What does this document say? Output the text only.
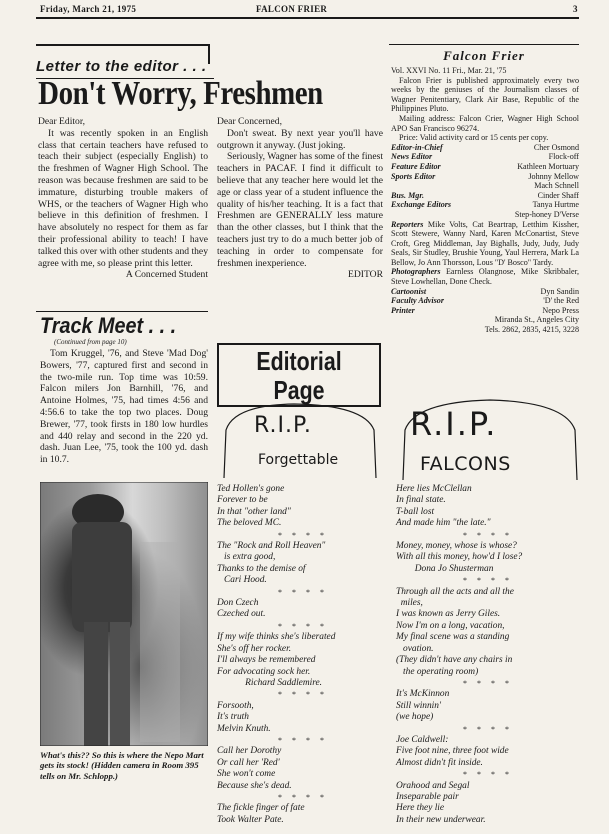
Friday, March 21, 1975	FALCON FRIER	3
Letter to the editor . . .
Don't Worry, Freshmen
Dear Editor,

It was recently spoken in an English class that certain teachers have refused to teach their subject (especially English) to the freshmen of Wagner High School. The reason was because freshmen are said to be immature, disturbing trouble makers of WHS, or the teachers of Wagner High who believe in this definition of freshmen. I have absolutely no respect for them as far their professional ability to teach! I have talked this over with other students and they agree with me, so please print this letter.

A Concerned Student
Dear Concerned,

Don't sweat. By next year you'll have outgrown it anyway. (Just joking.

Seriously, Wagner has some of the finest teachers in PACAF. I find it difficult to believe that any teacher here would let the age or class year of a student influence the quality of his/her teaching. It is a fact that Freshmen are GENERALLY less mature than the other classes, but I think that the teachers just try to do a much better job of teaching in order to compensate for freshmen inexperience.

EDITOR
Track Meet . . .
(Continued from page 10)

Tom Kruggel, '76, and Steve 'Mad Dog' Bowers, '77, captured first and second in the two-mile run. Top time was 10:59. Falcon milers Jon Barnhill, '76, and Antoine Holmes, '75, had times 4:56 and 4:56.6 to take the top two places. Doug Brewer, '77, took firsts in 180 low hurdles and 440 relay and second in the 220 yd. dash. Juan Lee, '75, took the 100 yd. dash in 10.7.

What's this?? So this is where the Nepo Mart gets its stock! (Hidden camera in Room 395 tells on Mr. Schlopp.)
Falcon Frier
Vol. XXVI No. 11 Fri., Mar. 21, '75
Falcon Frier is published approximately every two weeks by the geniuses of the Journalism classes of Wagner Penitentiary, Clark Air Base, Republic of the Philippines Pluto.
Mailing address: Falcon Crier, Wagner High School APO San Francisco 96274.
Price: Valid activity card or 15 cents per copy.
Editor-in-Chief	Cher Osmond
News Editor	Flock-off
Feature Editor	Kathleen Mortuary
Sports Editor	Johnny Mellow
Mach Schnell
Bus. Mgr.	Cinder Shaff
Exchange Editors	Tanya Hurtme
Step-honey D'Verse
Reporters Mike Volts, Cat Beartrap, Letthim Kissher, Scott Stewere, Wanny Nard, Karen McConartist, Steve Croft, Greg Middleman, Jay Bighalls, Judy, Judy, Judy Seals, Sir Studley, Brushie Young, Yaul Herrera, Mark La Bellow, Jo Ann Thorsson, Lous "D' Bosco" Tardy.
Photographers Earnless Olangnose, Mike Skribbaler, Steve Lowhellan, Done Check.
Cartoonist	Dyn Sandin
Faculty Advisor	'D' the Red
Printer	Nepo Press
Miranda St., Angeles City
Tels. 2862, 2835, 4215, 3228
Editorial
Page
R.I.P.
Forgettable
R.I.P.
FALCONS
Ted Hollen's gone
Forever to be
In that "other land"
The beloved MC.
* * * *
The "Rock and Roll Heaven"
is extra good,
Thanks to the demise of
Cari Hood.
* * * *
Don Czech
Czeched out.
* * * *
If my wife thinks she's liberated
She's off her rocker.
I'll always be remembered
For advocating sock her.
Richard Saddlemire.
* * * *
Forsooth,
It's truth
Melvin Knuth.
* * * *
Call her Dorothy
Or call her 'Red'
She won't come
Because she's dead.
* * * *
The fickle finger of fate
Took Walter Pate.
Here lies McClellan
In final state.
T-ball lost
And made him "the late."
* * * *
Money, money, whose is whose?
With all this money, how'd I lose?
Dona Jo Shusterman
* * * *
Through all the acts and all the
miles,
I was known as Jerry Giles.
Now I'm on a long, vacation,
My final scene was a standing
ovation.
(They didn't have any chairs in
the operating room)
* * * *
It's McKinnon
Still winnin'
(we hope)
* * * *
Joe Caldwell:
Five foot nine, three foot wide
Almost didn't fit inside.
* * * *
Orahood and Segal
Inseparable pair
Here they lie
In their new underwear.
